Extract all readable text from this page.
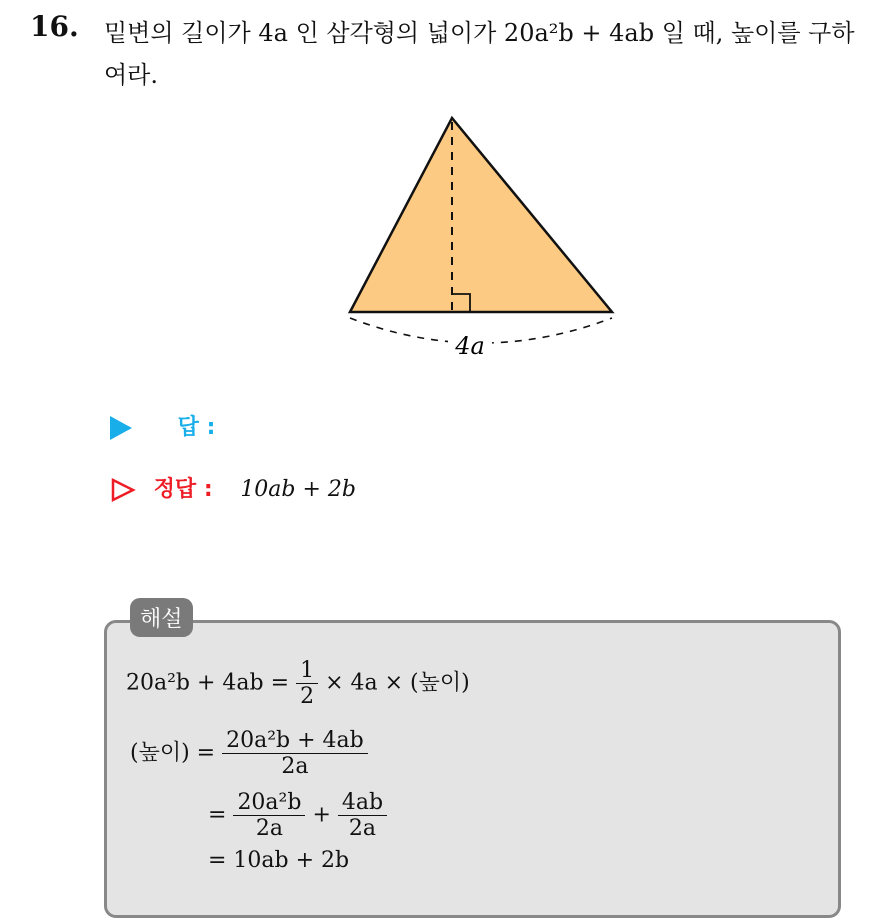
16. 밑변의 길이가 4a 인 삼각형의 넓이가 20a²b + 4ab 일 때, 높이를 구하여라.
4a
답 :
정답 : 10ab + 2b
해설
$20a^2b + 4ab = \frac{1}{2} \times 4a$ × (높이)
(높이) = $\frac{\text{20a²b + 4ab}}{2a}$
= $\frac{\text{20a²b}}{2a} + \frac{4ab}{2a}$
= 10ab + 2b
